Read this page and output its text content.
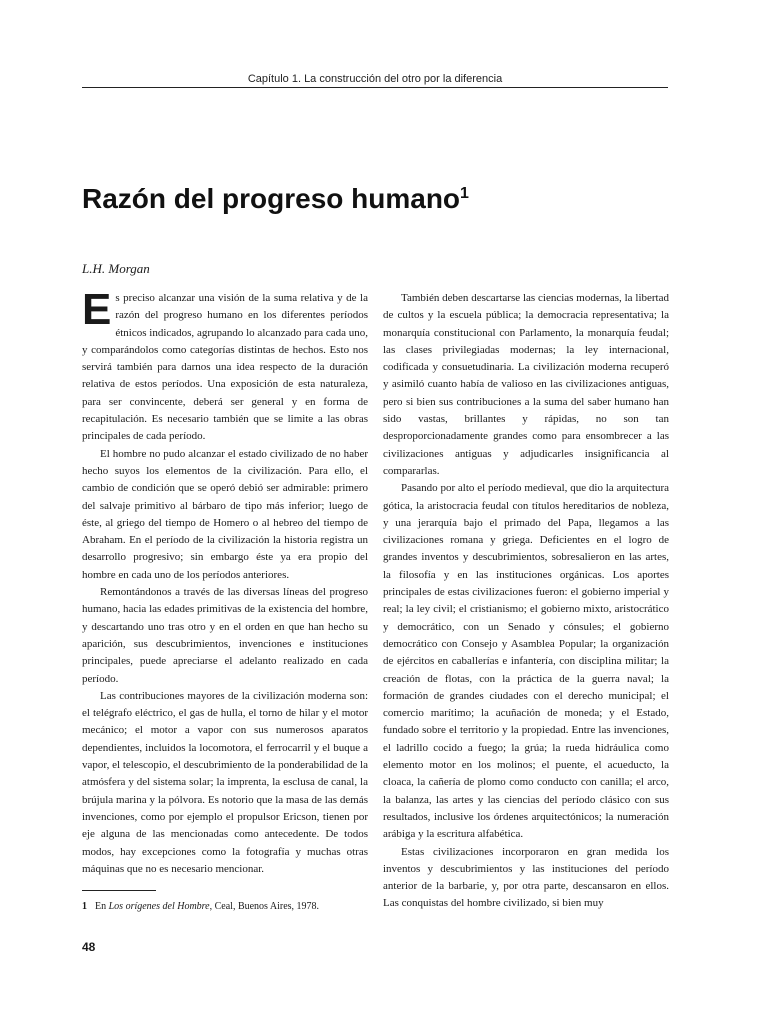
Capítulo 1. La construcción del otro por la diferencia
Razón del progreso humano$^1$
L.H. Morgan

Es preciso alcanzar una visión de la suma relativa y de la razón del progreso humano en los diferentes períodos étnicos indicados, agrupando lo alcanzado para cada uno, y comparándolos como categorías distintas de hechos. Esto nos servirá también para darnos una idea respecto de la duración relativa de estos períodos. Una exposición de esta naturaleza, para ser convincente, deberá ser general y en forma de recapitulación. Es necesario también que se limite a las obras principales de cada período.

El hombre no pudo alcanzar el estado civilizado de no haber hecho suyos los elementos de la civilización. Para ello, el cambio de condición que se operó debió ser admirable: primero del salvaje primitivo al bárbaro de tipo más inferior; luego de éste, al griego del tiempo de Homero o al hebreo del tiempo de Abraham. En el período de la civilización la historia registra un desarrollo progresivo; sin embargo éste ya era propio del hombre en cada uno de los períodos anteriores.

Remontándonos a través de las diversas líneas del progreso humano, hacia las edades primitivas de la existencia del hombre, y descartando uno tras otro y en el orden en que han hecho su aparición, sus descubrimientos, invenciones e instituciones principales, puede apreciarse el adelanto realizado en cada período.

Las contribuciones mayores de la civilización moderna son: el telégrafo eléctrico, el gas de hulla, el torno de hilar y el motor mecánico; el motor a vapor con sus numerosos aparatos dependientes, incluidos la locomotora, el ferrocarril y el buque a vapor, el telescopio, el descubrimiento de la ponderabilidad de la atmósfera y del sistema solar; la imprenta, la esclusa de canal, la brújula marina y la pólvora. Es notorio que la masa de las demás invenciones, como por ejemplo el propulsor Ericson, tienen por eje alguna de las mencionadas como antecedente. De todos modos, hay excepciones como la fotografía y muchas otras máquinas que no es necesario mencionar.

También deben descartarse las ciencias modernas, la libertad de cultos y la escuela pública; la democracia representativa; la monarquía constitucional con Parlamento, la monarquía feudal; las clases privilegiadas modernas; la ley internacional, codificada y consuetudinaria. La civilización moderna recuperó y asimiló cuanto había de valioso en las civilizaciones antiguas, pero si bien sus contribuciones a la suma del saber humano han sido vastas, brillantes y rápidas, no son tan desproporcionadamente grandes como para ensombrecer a las civilizaciones antiguas y adjudicarles insignificancia al compararlas.

Pasando por alto el período medieval, que dio la arquitectura gótica, la aristocracia feudal con títulos hereditarios de nobleza, y una jerarquía bajo el primado del Papa, llegamos a las civilizaciones romana y griega. Deficientes en el logro de grandes inventos y descubrimientos, sobresalieron en las artes, la filosofía y en las instituciones orgánicas. Los aportes principales de estas civilizaciones fueron: el gobierno imperial y real; la ley civil; el cristianismo; el gobierno mixto, aristocrático y democrático, con un Senado y cónsules; el gobierno democrático con Consejo y Asamblea Popular; la organización de ejércitos en caballerías e infantería, con disciplina militar; la creación de flotas, con la práctica de la guerra naval; la formación de grandes ciudades con el derecho municipal; el comercio marítimo; la acuñación de moneda; y el Estado, fundado sobre el territorio y la propiedad. Entre las invenciones, el ladrillo cocido a fuego; la grúa; la rueda hidráulica como elemento motor en los molinos; el puente, el acueducto, la cloaca, la cañería de plomo como conducto con canilla; el arco, la balanza, las artes y las ciencias del período clásico con sus resultados, inclusive los órdenes arquitectónicos; la numeración arábiga y la escritura alfabética.

Estas civilizaciones incorporaron en gran medida los inventos y descubrimientos y las instituciones del período anterior de la barbarie, y, por otra parte, descansaron en ellos. Las conquistas del hombre civilizado, si bien muy

1 En Los orígenes del Hombre, Ceal, Buenos Aires, 1978.
48
